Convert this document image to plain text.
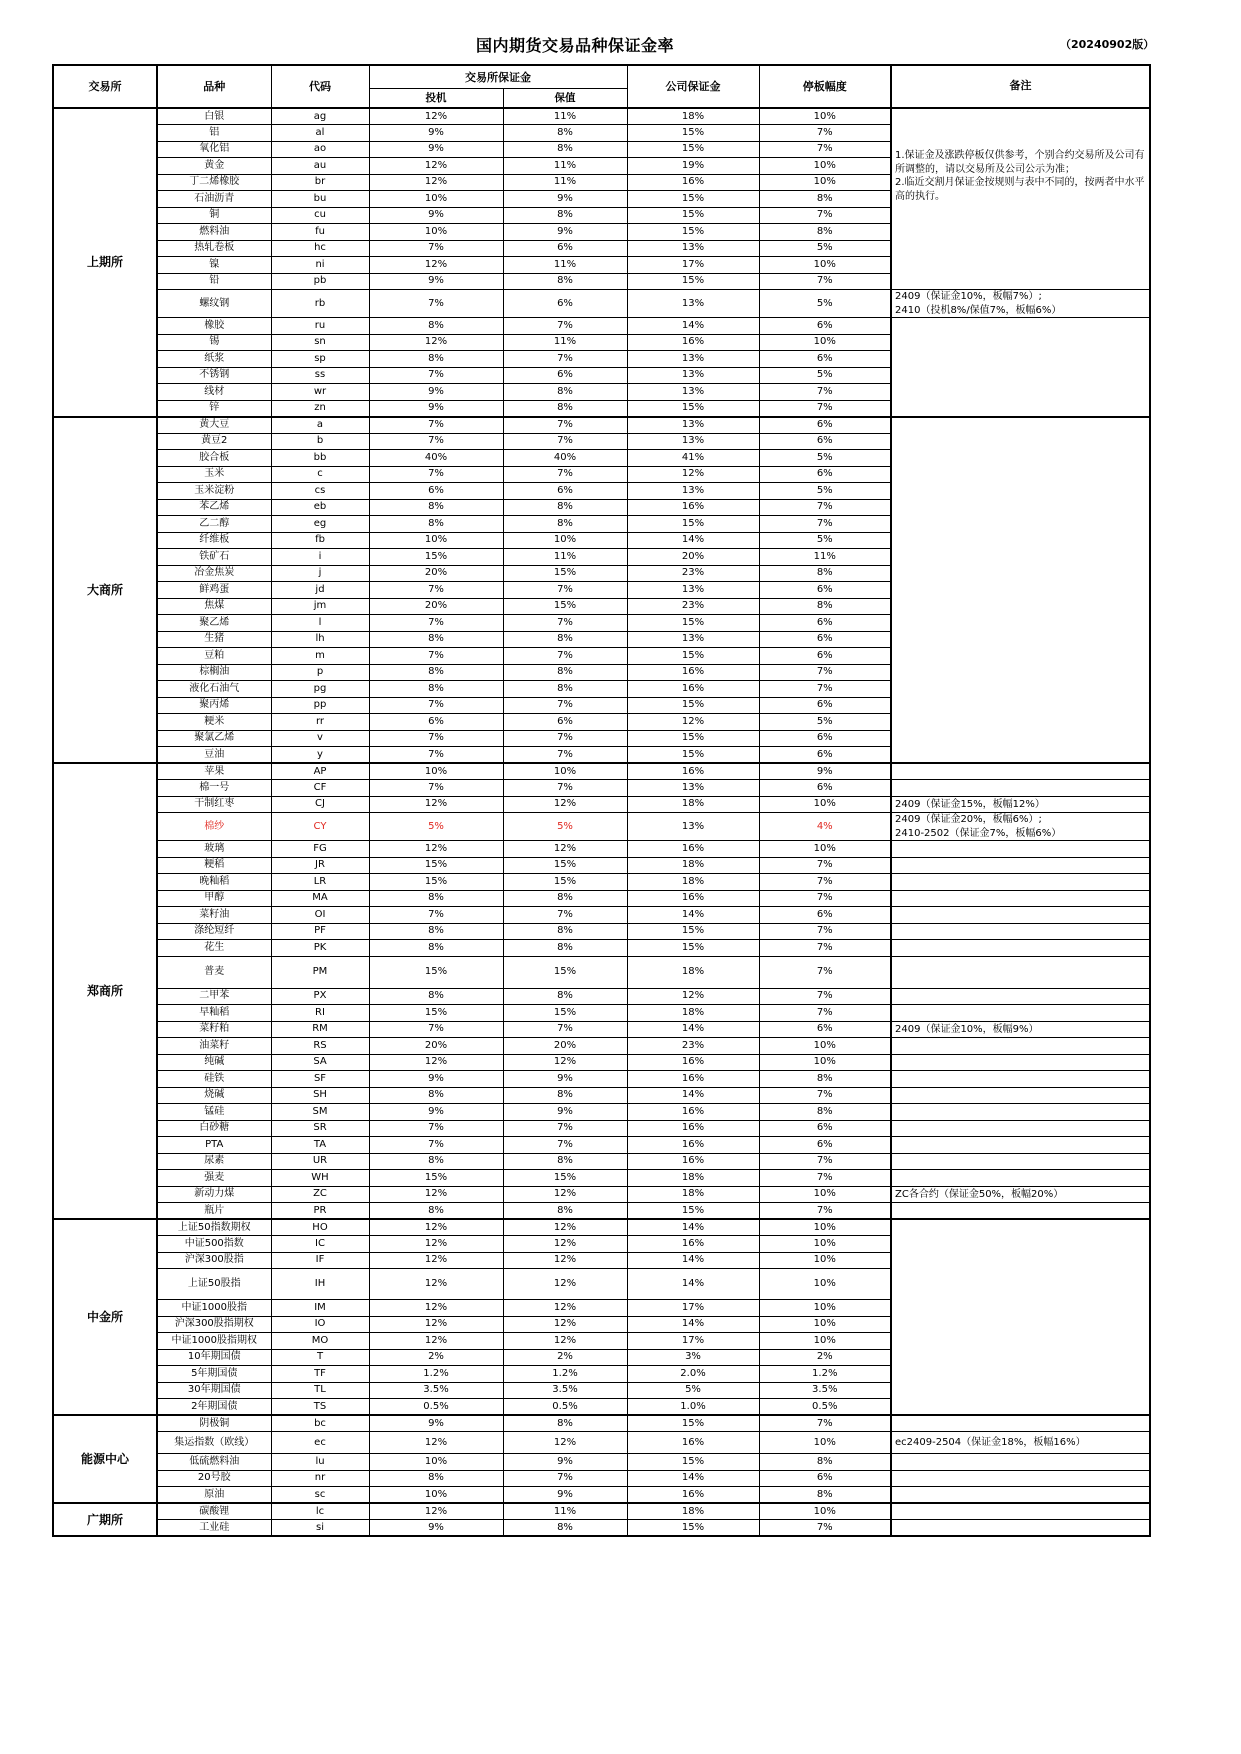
国内期货交易品种保证金率	（20240902版）
交易所	品种	代码	交易所保证金		公司保证金	停板幅度	备注
			投机	保值			
上期所	白银	ag	12%	11%	18%	10%	1.保证金及涨跌停板仅供参考，个别合约交易所及公司有所调整的，请以交易所及公司公示为准；
2.临近交割月保证金按规则与表中不同的，按两者中水平高的执行。
	铝	al	9%	8%	15%	7%	
	氧化铝	ao	9%	8%	15%	7%	
	黄金	au	12%	11%	19%	10%	
	丁二烯橡胶	br	12%	11%	16%	10%	
	石油沥青	bu	10%	9%	15%	8%	
	铜	cu	9%	8%	15%	7%	
	燃料油	fu	10%	9%	15%	8%	
	热轧卷板	hc	7%	6%	13%	5%	
	镍	ni	12%	11%	17%	10%	
	铅	pb	9%	8%	15%	7%	
	螺纹钢	rb	7%	6%	13%	5%	2409（保证金10%，板幅7%）;
2410（投机8%/保值7%，板幅6%）
	橡胶	ru	8%	7%	14%	6%	
	锡	sn	12%	11%	16%	10%	
	纸浆	sp	8%	7%	13%	6%	
	不锈钢	ss	7%	6%	13%	5%	
	线材	wr	9%	8%	13%	7%	
	锌	zn	9%	8%	15%	7%	
大商所	黄大豆	a	7%	7%	13%	6%	
	黄豆2	b	7%	7%	13%	6%	
	胶合板	bb	40%	40%	41%	5%	
	玉米	c	7%	7%	12%	6%	
	玉米淀粉	cs	6%	6%	13%	5%	
	苯乙烯	eb	8%	8%	16%	7%	
	乙二醇	eg	8%	8%	15%	7%	
	纤维板	fb	10%	10%	14%	5%	
	铁矿石	i	15%	11%	20%	11%	
	冶金焦炭	j	20%	15%	23%	8%	
	鲜鸡蛋	jd	7%	7%	13%	6%	
	焦煤	jm	20%	15%	23%	8%	
	聚乙烯	l	7%	7%	15%	6%	
	生猪	lh	8%	8%	13%	6%	
	豆粕	m	7%	7%	15%	6%	
	棕榈油	p	8%	8%	16%	7%	
	液化石油气	pg	8%	8%	16%	7%	
	聚丙烯	pp	7%	7%	15%	6%	
	粳米	rr	6%	6%	12%	5%	
	聚氯乙烯	v	7%	7%	15%	6%	
	豆油	y	7%	7%	15%	6%	
郑商所	苹果	AP	10%	10%	16%	9%	
	棉一号	CF	7%	7%	13%	6%	
	干制红枣	CJ	12%	12%	18%	10%	2409（保证金15%，板幅12%）
	棉纱	CY	5%	5%	13%	4%	2409（保证金20%，板幅6%）;
2410-2502（保证金7%，板幅6%）
	玻璃	FG	12%	12%	16%	10%	
	粳稻	JR	15%	15%	18%	7%	
	晚籼稻	LR	15%	15%	18%	7%	
	甲醇	MA	8%	8%	16%	7%	
	菜籽油	OI	7%	7%	14%	6%	
	涤纶短纤	PF	8%	8%	15%	7%	
	花生	PK	8%	8%	15%	7%	
	普麦	PM	15%	15%	18%	7%	
	二甲苯	PX	8%	8%	12%	7%	
	早籼稻	RI	15%	15%	18%	7%	
	菜籽粕	RM	7%	7%	14%	6%	2409（保证金10%，板幅9%）
	油菜籽	RS	20%	20%	23%	10%	
	纯碱	SA	12%	12%	16%	10%	
	硅铁	SF	9%	9%	16%	8%	
	烧碱	SH	8%	8%	14%	7%	
	锰硅	SM	9%	9%	16%	8%	
	白砂糖	SR	7%	7%	16%	6%	
	PTA	TA	7%	7%	16%	6%	
	尿素	UR	8%	8%	16%	7%	
	强麦	WH	15%	15%	18%	7%	
	新动力煤	ZC	12%	12%	18%	10%	ZC各合约（保证金50%，板幅20%）
	瓶片	PR	8%	8%	15%	7%	
中金所	上证50指数期权	HO	12%	12%	14%	10%	
	中证500指数	IC	12%	12%	16%	10%	
	沪深300股指	IF	12%	12%	14%	10%	
	上证50股指	IH	12%	12%	14%	10%	
	中证1000股指	IM	12%	12%	17%	10%	
	沪深300股指期权	IO	12%	12%	14%	10%	
	中证1000股指期权	MO	12%	12%	17%	10%	
	10年期国债	T	2%	2%	3%	2%	
	5年期国债	TF	1.2%	1.2%	2.0%	1.2%	
	30年期国债	TL	3.5%	3.5%	5%	3.5%	
	2年期国债	TS	0.5%	0.5%	1.0%	0.5%	
能源中心	阴极铜	bc	9%	8%	15%	7%	
	集运指数（欧线）	ec	12%	12%	16%	10%	ec2409-2504（保证金18%，板幅16%）
	低硫燃料油	lu	10%	9%	15%	8%	
	20号胶	nr	8%	7%	14%	6%	
	原油	sc	10%	9%	16%	8%	
广期所	碳酸锂	lc	12%	11%	18%	10%	
	工业硅	si	9%	8%	15%	7%	
